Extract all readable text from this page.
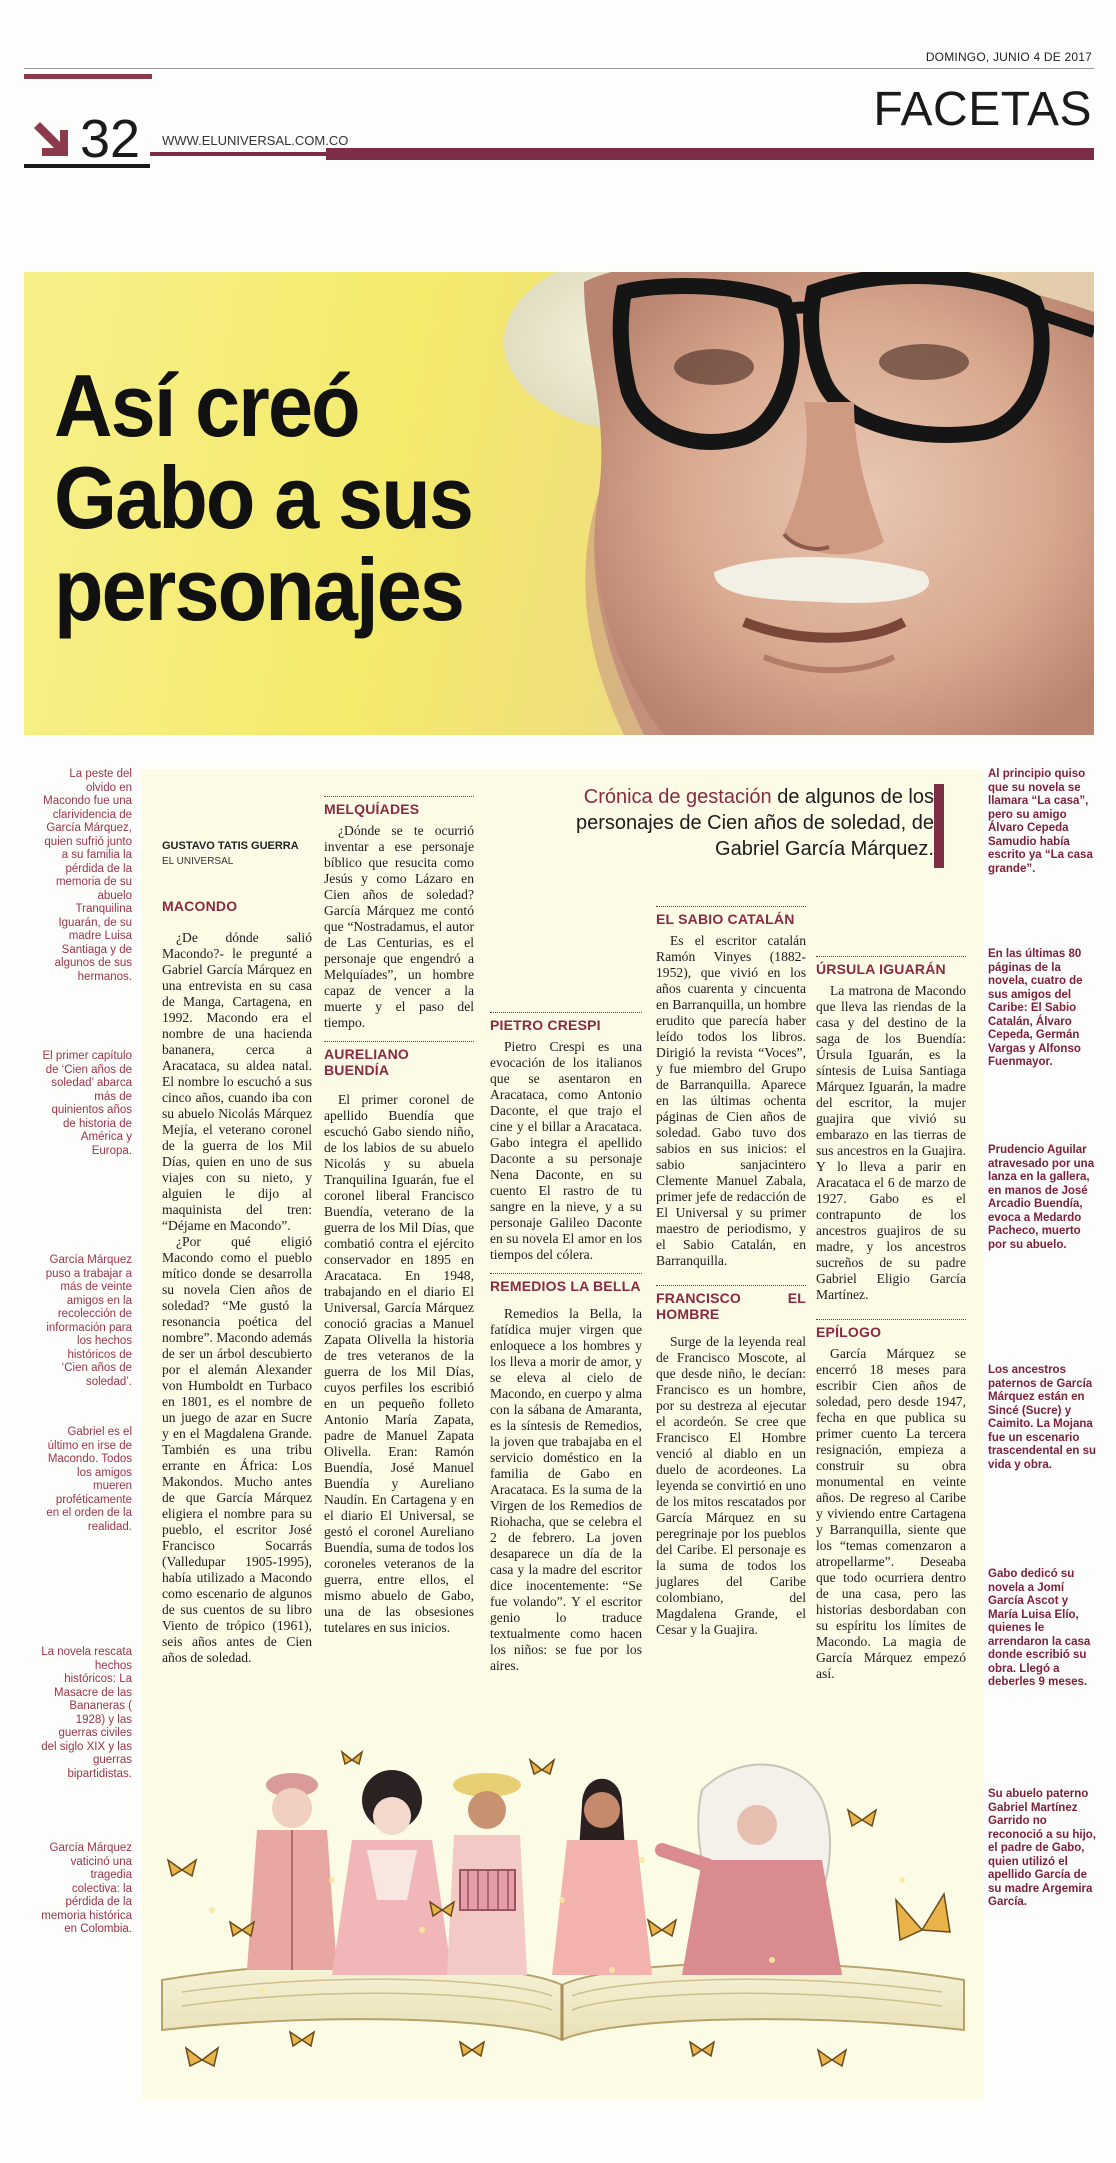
DOMINGO, JUNIO 4 DE 2017
FACETAS
32 WWW.ELUNIVERSAL.COM.CO
Así creó
Gabo a sus
personajes
Crónica de gestación de algunos de los personajes de Cien años de soledad, de Gabriel García Márquez.
GUSTAVO TATIS GUERRA
EL UNIVERSAL
MACONDO

¿De dónde salió Macondo?- le pregunté a Gabriel García Márquez en una entrevista en su casa de Manga, Cartagena, en 1992. Macondo era el nombre de una hacienda bananera, cerca a Aracataca, su aldea natal. El nombre lo escuchó a sus cinco años, cuando iba con su abuelo Nicolás Márquez Mejía, el veterano coronel de la guerra de los Mil Días, quien en uno de sus viajes con su nieto, y alguien le dijo al maquinista del tren: “Déjame en Macondo”.

¿Por qué eligió Macondo como el pueblo mítico donde se desarrolla su novela Cien años de soledad? “Me gustó la resonancia poética del nombre”. Macondo además de ser un árbol descubierto por el alemán Alexander von Humboldt en Turbaco en 1801, es el nombre de un juego de azar en Sucre y en el Magdalena Grande. También es una tribu errante en África: Los Makondos. Mucho antes de que García Márquez eligiera el nombre para su pueblo, el escritor José Francisco Socarrás (Valledupar 1905-1995), había utilizado a Macondo como escenario de algunos de sus cuentos de su libro Viento de trópico (1961), seis años antes de Cien años de soledad.

MELQUÍADES

¿Dónde se te ocurrió inventar a ese personaje bíblico que resucita como Jesús y como Lázaro en Cien años de soledad? García Márquez me contó que “Nostradamus, el autor de Las Centurias, es el personaje que engendró a Melquíades”, un hombre capaz de vencer a la muerte y el paso del tiempo.

AURELIANO BUENDÍA

El primer coronel de apellido Buendía que escuchó Gabo siendo niño, de los labios de su abuelo Nicolás y su abuela Tranquilina Iguarán, fue el coronel liberal Francisco Buendía, veterano de la guerra de los Mil Días, que combatió contra el ejército conservador en 1895 en Aracataca. En 1948, trabajando en el diario El Universal, García Márquez conoció gracias a Manuel Zapata Olivella la historia de tres veteranos de la guerra de los Mil Días, cuyos perfiles los escribió en un pequeño folleto Antonio María Zapata, padre de Manuel Zapata Olivella. Eran: Ramón Buendía, José Manuel Buendía y Aureliano Naudín. En Cartagena y en el diario El Universal, se gestó el coronel Aureliano Buendía, suma de todos los coroneles veteranos de la guerra, entre ellos, el mismo abuelo de Gabo, una de las obsesiones tutelares en sus inicios.

PIETRO CRESPI

Pietro Crespi es una evocación de los italianos que se asentaron en Aracataca, como Antonio Daconte, el que trajo el cine y el billar a Aracataca. Gabo integra el apellido Daconte a su personaje Nena Daconte, en su cuento El rastro de tu sangre en la nieve, y a su personaje Galileo Daconte en su novela El amor en los tiempos del cólera.

REMEDIOS LA BELLA

Remedios la Bella, la fatídica mujer virgen que enloquece a los hombres y los lleva a morir de amor, y se eleva al cielo de Macondo, en cuerpo y alma con la sábana de Amaranta, es la síntesis de Remedios, la joven que trabajaba en el servicio doméstico en la familia de Gabo en Aracataca. Es la suma de la Virgen de los Remedios de Riohacha, que se celebra el 2 de febrero. La joven desaparece un día de la casa y la madre del escritor dice inocentemente: “Se fue volando”. Y el escritor genio lo traduce textualmente como hacen los niños: se fue por los aires.

EL SABIO CATALÁN

Es el escritor catalán Ramón Vinyes (1882-1952), que vivió en los años cuarenta y cincuenta en Barranquilla, un hombre erudito que parecía haber leído todos los libros. Dirigió la revista “Voces”, y fue miembro del Grupo de Barranquilla. Aparece en las últimas ochenta páginas de Cien años de soledad. Gabo tuvo dos sabios en sus inicios: el sabio sanjacintero Clemente Manuel Zabala, primer jefe de redacción de El Universal y su primer maestro de periodismo, y el Sabio Catalán, en Barranquilla.

FRANCISCO EL HOMBRE

Surge de la leyenda real de Francisco Moscote, al que desde niño, le decían: Francisco es un hombre, por su destreza al ejecutar el acordeón. Se cree que Francisco El Hombre venció al diablo en un duelo de acordeones. La leyenda se convirtió en uno de los mitos rescatados por García Márquez en su peregrinaje por los pueblos del Caribe. El personaje es la suma de todos los juglares del Caribe colombiano, del Magdalena Grande, el Cesar y la Guajira.

ÚRSULA IGUARÁN

La matrona de Macondo que lleva las riendas de la casa y del destino de la saga de los Buendía: Úrsula Iguarán, es la síntesis de Luisa Santiaga Márquez Iguarán, la madre del escritor, la mujer guajira que vivió su embarazo en las tierras de sus ancestros en la Guajira. Y lo lleva a parir en Aracataca el 6 de marzo de 1927. Gabo es el contrapunto de los ancestros guajiros de su madre, y los ancestros sucreños de su padre Gabriel Eligio García Martínez.

EPÍLOGO

García Márquez se encerró 18 meses para escribir Cien años de soledad, pero desde 1947, fecha en que publica su primer cuento La tercera resignación, empieza a construir su obra monumental en veinte años. De regreso al Caribe y viviendo entre Cartagena y Barranquilla, siente que los “temas comenzaron a atropellarme”. Deseaba que todo ocurriera dentro de una casa, pero las historias desbordaban con su espíritu los límites de Macondo. La magia de García Márquez empezó así.

La peste del olvido en Macondo fue una clarividencia de García Márquez, quien sufrió junto a su familia la pérdida de la memoria de su abuelo Tranquilina Iguarán, de su madre Luisa Santiaga y de algunos de sus hermanos.
El primer capítulo de ‘Cien años de soledad’ abarca más de quinientos años de historia de América y Europa.
García Márquez puso a trabajar a más de veinte amigos en la recolección de información para los hechos históricos de ‘Cien años de soledad’.
Gabriel es el último en irse de Macondo. Todos los amigos mueren proféticamente en el orden de la realidad.
La novela rescata hechos históricos: La Masacre de las Bananeras ( 1928) y las guerras civiles del siglo XIX y las guerras bipartidistas.
García Márquez vaticinó una tragedia colectiva: la pérdida de la memoria histórica en Colombia.
Al principio quiso que su novela se llamara “La casa”, pero su amigo Álvaro Cepeda Samudio había escrito ya “La casa grande”.
En las últimas 80 páginas de la novela, cuatro de sus amigos del Caribe: El Sabio Catalán, Álvaro Cepeda, Germán Vargas y Alfonso Fuenmayor.
Prudencio Aguilar atravesado por una lanza en la gallera, en manos de José Arcadio Buendía, evoca a Medardo Pacheco, muerto por su abuelo.
Los ancestros paternos de García Márquez están en Sincé (Sucre) y Caimito. La Mojana fue un escenario trascendental en su vida y obra.
Gabo dedicó su novela a Jomí García Ascot y María Luisa Elío, quienes le arrendaron la casa donde escribió su obra. Llegó a deberles 9 meses.
Su abuelo paterno Gabriel Martínez Garrido no reconoció a su hijo, el padre de Gabo, quien utilizó el apellido García de su madre Argemira García.
